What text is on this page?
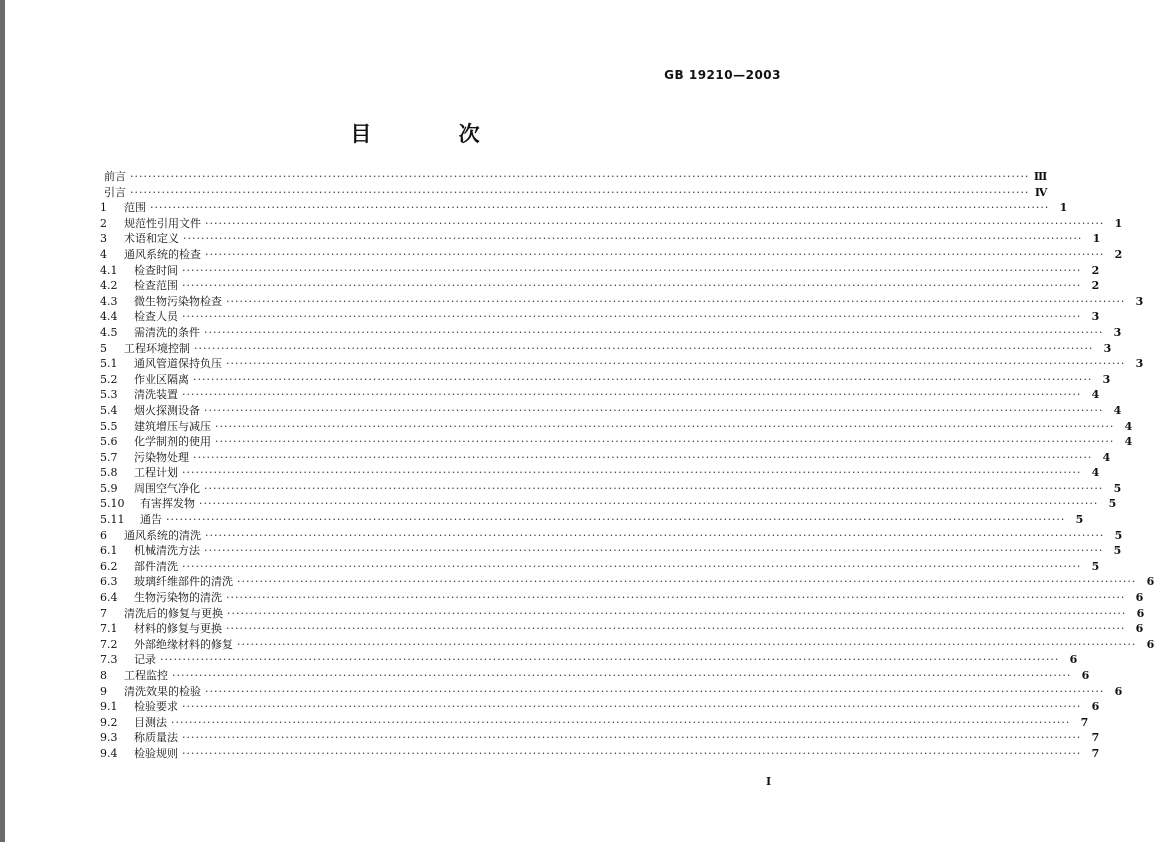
GB 19210—2003
目 次
前言 ········································································································································································································ Ⅲ
引言 ········································································································································································································ Ⅳ
1	范围 ········································································································································································································ 1
2	规范性引用文件 ········································································································································································································ 1
3	术语和定义 ········································································································································································································ 1
4	通风系统的检查 ········································································································································································································ 2
4.1	检查时间 ········································································································································································································ 2
4.2	检查范围 ········································································································································································································ 2
4.3	微生物污染物检查 ········································································································································································································ 3
4.4	检查人员 ········································································································································································································ 3
4.5	需清洗的条件 ········································································································································································································ 3
5	工程环境控制 ········································································································································································································ 3
5.1	通风管道保持负压 ········································································································································································································ 3
5.2	作业区隔离 ········································································································································································································ 3
5.3	清洗装置 ········································································································································································································ 4
5.4	烟火探测设备 ········································································································································································································ 4
5.5	建筑增压与减压 ········································································································································································································ 4
5.6	化学制剂的使用 ········································································································································································································ 4
5.7	污染物处理 ········································································································································································································ 4
5.8	工程计划 ········································································································································································································ 4
5.9	周围空气净化 ········································································································································································································ 5
5.10	有害挥发物 ········································································································································································································ 5
5.11	通告 ········································································································································································································ 5
6	通风系统的清洗 ········································································································································································································ 5
6.1	机械清洗方法 ········································································································································································································ 5
6.2	部件清洗 ········································································································································································································ 5
6.3	玻璃纤维部件的清洗 ········································································································································································································ 6
6.4	生物污染物的清洗 ········································································································································································································ 6
7	清洗后的修复与更换 ········································································································································································································ 6
7.1	材料的修复与更换 ········································································································································································································ 6
7.2	外部绝缘材料的修复 ········································································································································································································ 6
7.3	记录 ········································································································································································································ 6
8	工程监控 ········································································································································································································ 6
9	清洗效果的检验 ········································································································································································································ 6
9.1	检验要求 ········································································································································································································ 6
9.2	目测法 ········································································································································································································ 7
9.3	称质量法 ········································································································································································································ 7
9.4	检验规则 ········································································································································································································ 7
I
